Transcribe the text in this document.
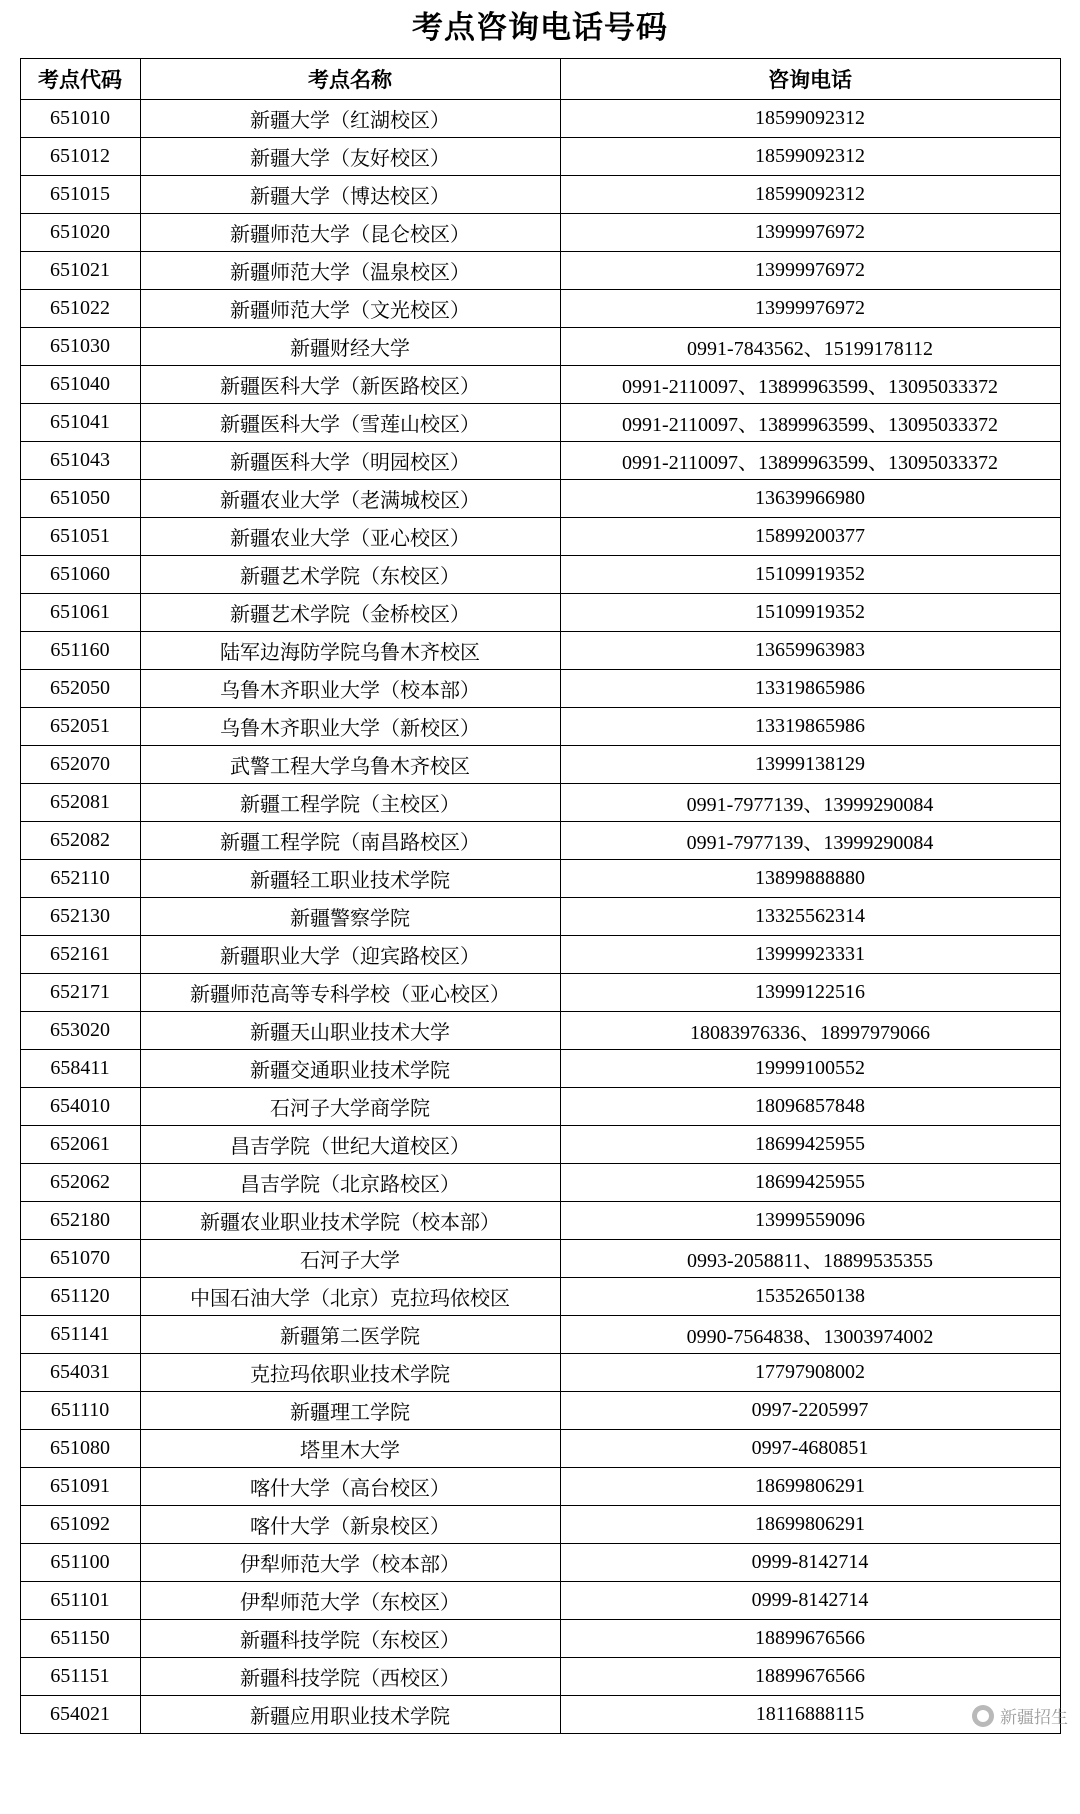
考点咨询电话号码
考点代码	考点名称	咨询电话
651010	新疆大学（红湖校区）	18599092312
651012	新疆大学（友好校区）	18599092312
651015	新疆大学（博达校区）	18599092312
651020	新疆师范大学（昆仑校区）	13999976972
651021	新疆师范大学（温泉校区）	13999976972
651022	新疆师范大学（文光校区）	13999976972
651030	新疆财经大学	0991-7843562、15199178112
651040	新疆医科大学（新医路校区）	0991-2110097、13899963599、13095033372
651041	新疆医科大学（雪莲山校区）	0991-2110097、13899963599、13095033372
651043	新疆医科大学（明园校区）	0991-2110097、13899963599、13095033372
651050	新疆农业大学（老满城校区）	13639966980
651051	新疆农业大学（亚心校区）	15899200377
651060	新疆艺术学院（东校区）	15109919352
651061	新疆艺术学院（金桥校区）	15109919352
651160	陆军边海防学院乌鲁木齐校区	13659963983
652050	乌鲁木齐职业大学（校本部）	13319865986
652051	乌鲁木齐职业大学（新校区）	13319865986
652070	武警工程大学乌鲁木齐校区	13999138129
652081	新疆工程学院（主校区）	0991-7977139、13999290084
652082	新疆工程学院（南昌路校区）	0991-7977139、13999290084
652110	新疆轻工职业技术学院	13899888880
652130	新疆警察学院	13325562314
652161	新疆职业大学（迎宾路校区）	13999923331
652171	新疆师范高等专科学校（亚心校区）	13999122516
653020	新疆天山职业技术大学	18083976336、18997979066
658411	新疆交通职业技术学院	19999100552
654010	石河子大学商学院	18096857848
652061	昌吉学院（世纪大道校区）	18699425955
652062	昌吉学院（北京路校区）	18699425955
652180	新疆农业职业技术学院（校本部）	13999559096
651070	石河子大学	0993-2058811、18899535355
651120	中国石油大学（北京）克拉玛依校区	15352650138
651141	新疆第二医学院	0990-7564838、13003974002
654031	克拉玛依职业技术学院	17797908002
651110	新疆理工学院	0997-2205997
651080	塔里木大学	0997-4680851
651091	喀什大学（高台校区）	18699806291
651092	喀什大学（新泉校区）	18699806291
651100	伊犁师范大学（校本部）	0999-8142714
651101	伊犁师范大学（东校区）	0999-8142714
651150	新疆科技学院（东校区）	18899676566
651151	新疆科技学院（西校区）	18899676566
654021	新疆应用职业技术学院	18116888115	新疆招生
